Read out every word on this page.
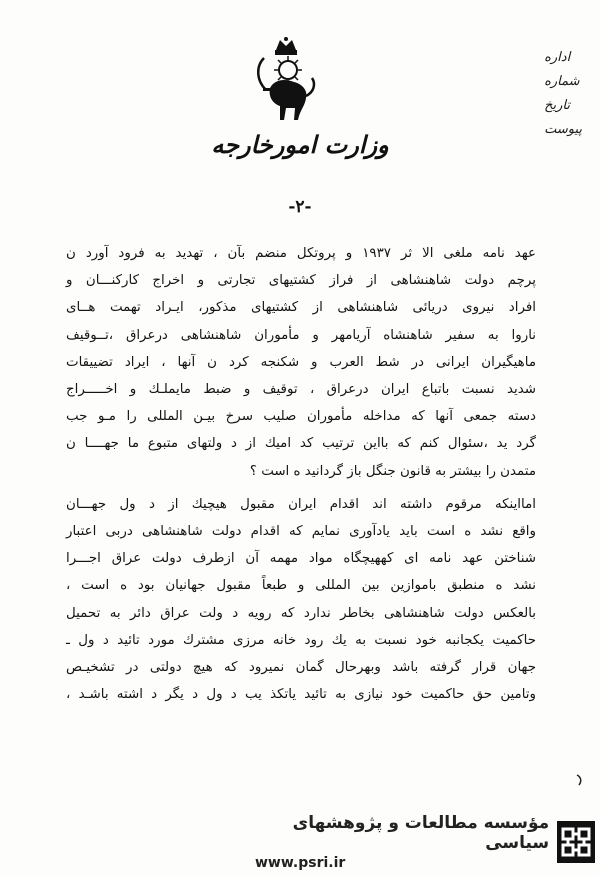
اداره
شماره
تاریخ
پیوست
وزارت امورخارجه
-۲-

عهد نامه ملغی الا ثر ۱۹۳۷ و پروتکل منضم بآن ، تهدید به فرود آورد ن

پرچم دولت شاهنشاهی از فراز کشتیهای تجارتی و اخراج کارکنـــان و

افراد نیروی دریائی شاهنشاهی از کشتیهای مذکور، ایـراد تهمت هــای

ناروا به سفیر شاهنشاه آریامهر و مأموران شاهنشاهی درعراق ،تــوقیف

ماهیگیران ایرانی در شط العرب و شکنجه کرد ن آنها ، ایراد تضییقات

شدید نسبت باتباع ایران درعراق ، توقیف و ضبط مایملـك و اخـــــراج

دسته جمعی آنها که مداخله مأموران صلیب سرخ بیـن المللی را مـو جب

گرد ید ،سئوال کنم که بااین ترتیب کد امیك از د ولتهای متبوع ما جهــــا ن

متمدن را بیشتر به قانون جنگل باز گردانید ه است ؟

امااینکه مرقوم داشته اند اقدام ایران مقبول هیچیك از د ول جهـــان

واقع نشد ه است باید یادآوری نمایم که اقدام دولت شاهنشاهی دربی اعتبار

شناختن عهد نامه ای کههیچگاه مواد مهمه آن ازطرف دولت عراق اجـــرا

نشد ه منطبق باموازین بین المللی و طبعاً مقبول جهانیان بود ه است ،

بالعکس دولت شاهنشاهی بخاطر ندارد که رویه د ولت عراق دائر به تحمیل

حاکمیت یکجانبه خود نسبت به یك رود خانه مرزی مشترك مورد تائید د ول ـ

جهان قرار گرفته باشد وبهرحال گمان نمیرود که هیچ دولتی در تشخیـص

وتامین حق حاکمیت خود نیازی به تائید یاتکذ یب د ول د یگر د اشته باشـد ،

مؤسسه مطالعات و پژوهشهای سیاسی
www.psri.ir
